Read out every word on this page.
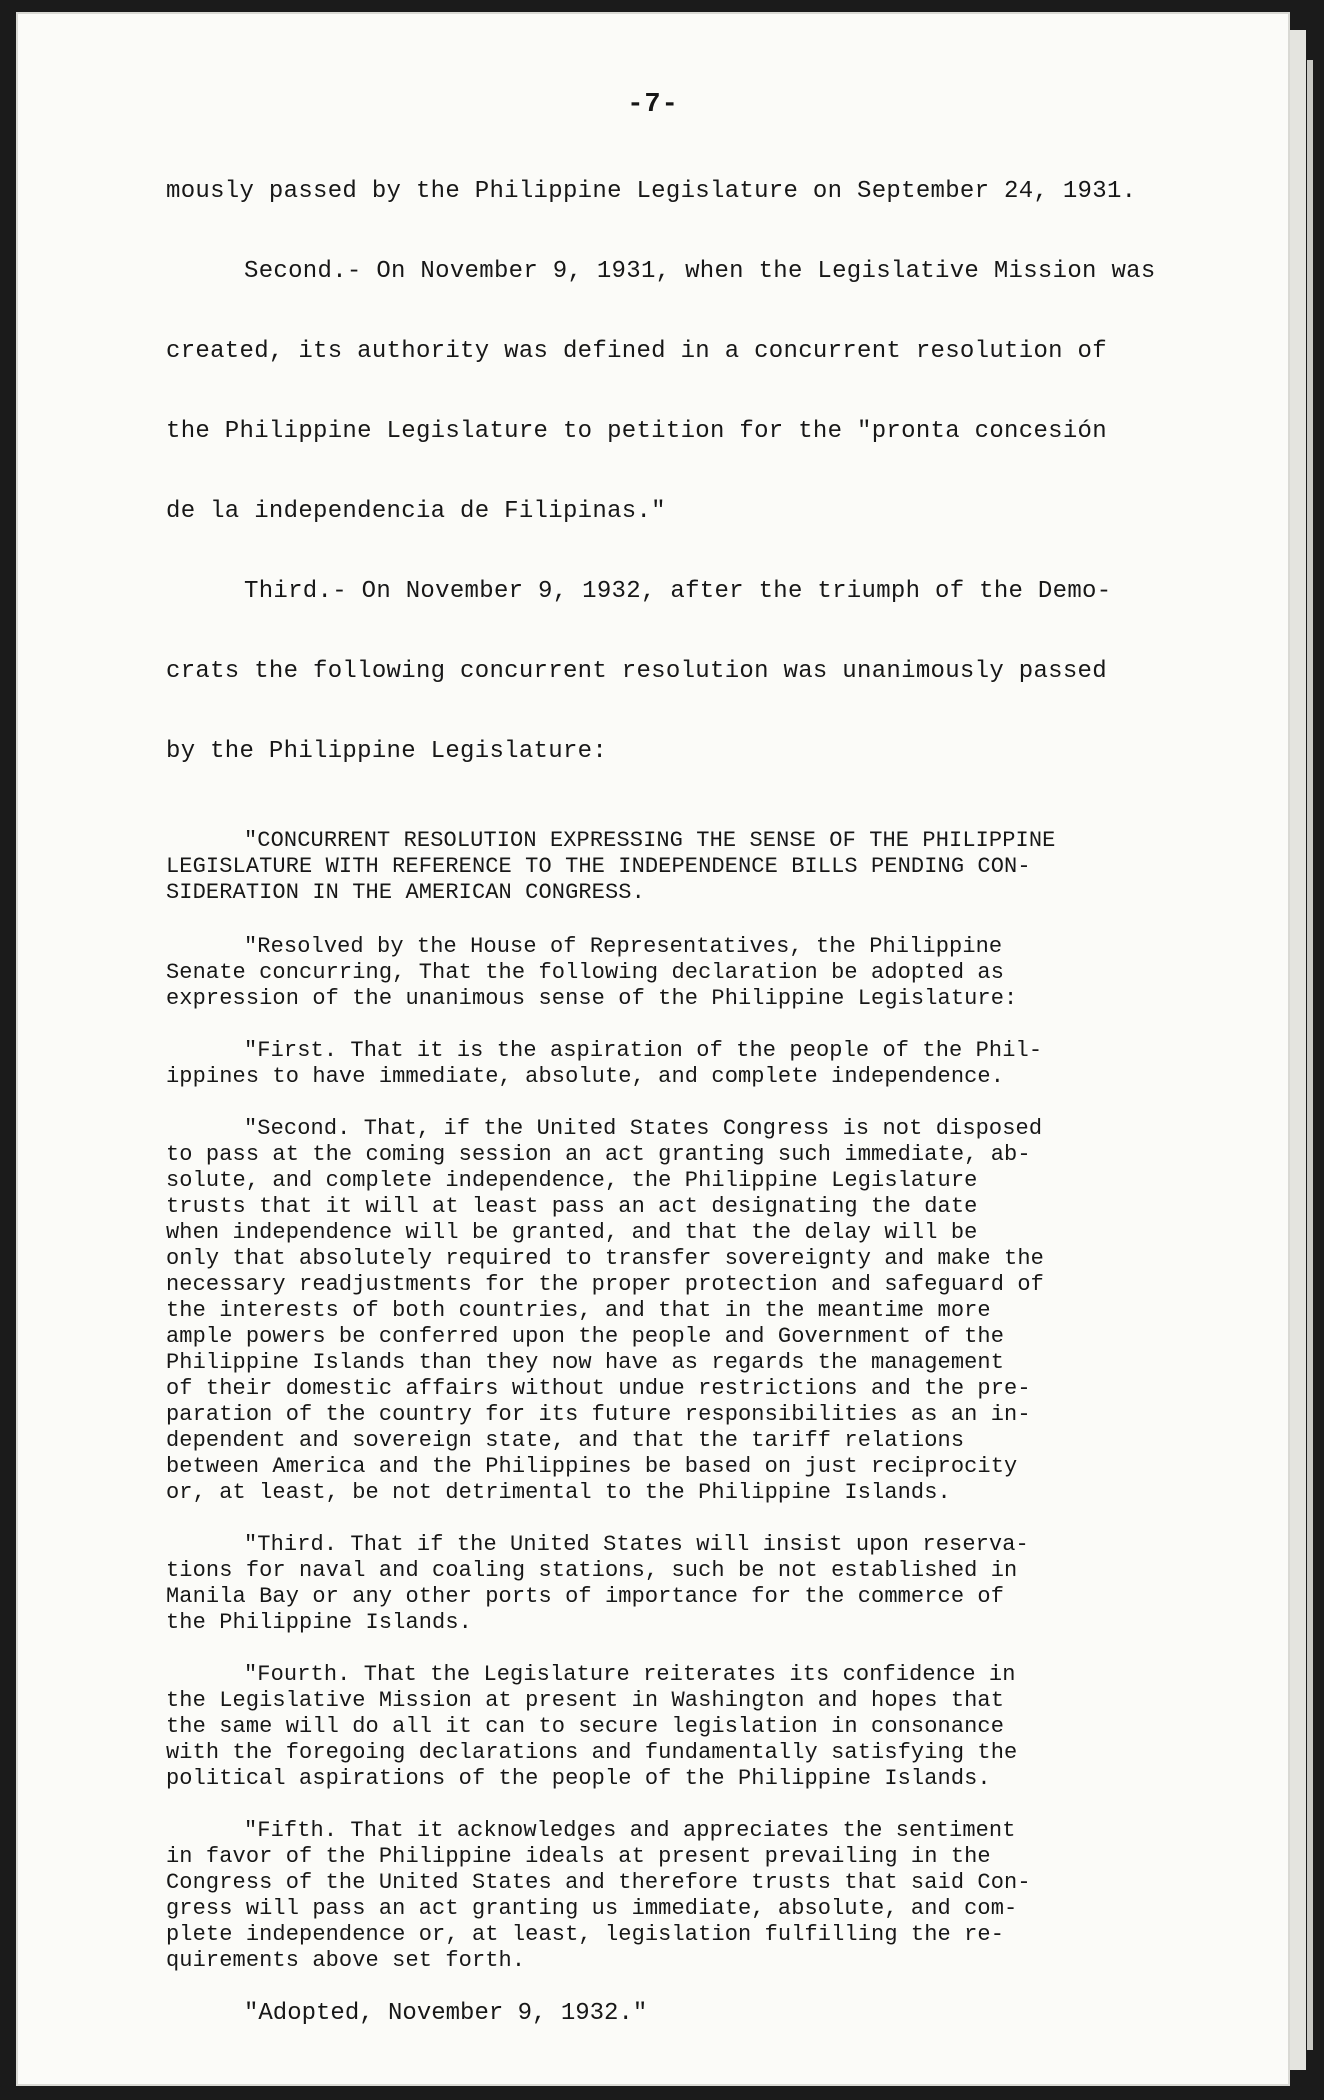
-7-

mously passed by the Philippine Legislature on September 24, 1931.

Second.- On November 9, 1931, when the Legislative Mission was

created, its authority was defined in a concurrent resolution of

the Philippine Legislature to petition for the "pronta concesión

de la independencia de Filipinas."

Third.- On November 9, 1932, after the triumph of the Demo-

crats the following concurrent resolution was unanimously passed

by the Philippine Legislature:

"CONCURRENT RESOLUTION EXPRESSING THE SENSE OF THE PHILIPPINE
LEGISLATURE WITH REFERENCE TO THE INDEPENDENCE BILLS PENDING CON-
SIDERATION IN THE AMERICAN CONGRESS.

"Resolved by the House of Representatives, the Philippine
Senate concurring, That the following declaration be adopted as
expression of the unanimous sense of the Philippine Legislature:

"First. That it is the aspiration of the people of the Phil-
ippines to have immediate, absolute, and complete independence.

"Second. That, if the United States Congress is not disposed
to pass at the coming session an act granting such immediate, ab-
solute, and complete independence, the Philippine Legislature
trusts that it will at least pass an act designating the date
when independence will be granted, and that the delay will be
only that absolutely required to transfer sovereignty and make the
necessary readjustments for the proper protection and safeguard of
the interests of both countries, and that in the meantime more
ample powers be conferred upon the people and Government of the
Philippine Islands than they now have as regards the management
of their domestic affairs without undue restrictions and the pre-
paration of the country for its future responsibilities as an in-
dependent and sovereign state, and that the tariff relations
between America and the Philippines be based on just reciprocity
or, at least, be not detrimental to the Philippine Islands.

"Third. That if the United States will insist upon reserva-
tions for naval and coaling stations, such be not established in
Manila Bay or any other ports of importance for the commerce of
the Philippine Islands.

"Fourth. That the Legislature reiterates its confidence in
the Legislative Mission at present in Washington and hopes that
the same will do all it can to secure legislation in consonance
with the foregoing declarations and fundamentally satisfying the
political aspirations of the people of the Philippine Islands.

"Fifth. That it acknowledges and appreciates the sentiment
in favor of the Philippine ideals at present prevailing in the
Congress of the United States and therefore trusts that said Con-
gress will pass an act granting us immediate, absolute, and com-
plete independence or, at least, legislation fulfilling the re-
quirements above set forth.

"Adopted, November 9, 1932."
